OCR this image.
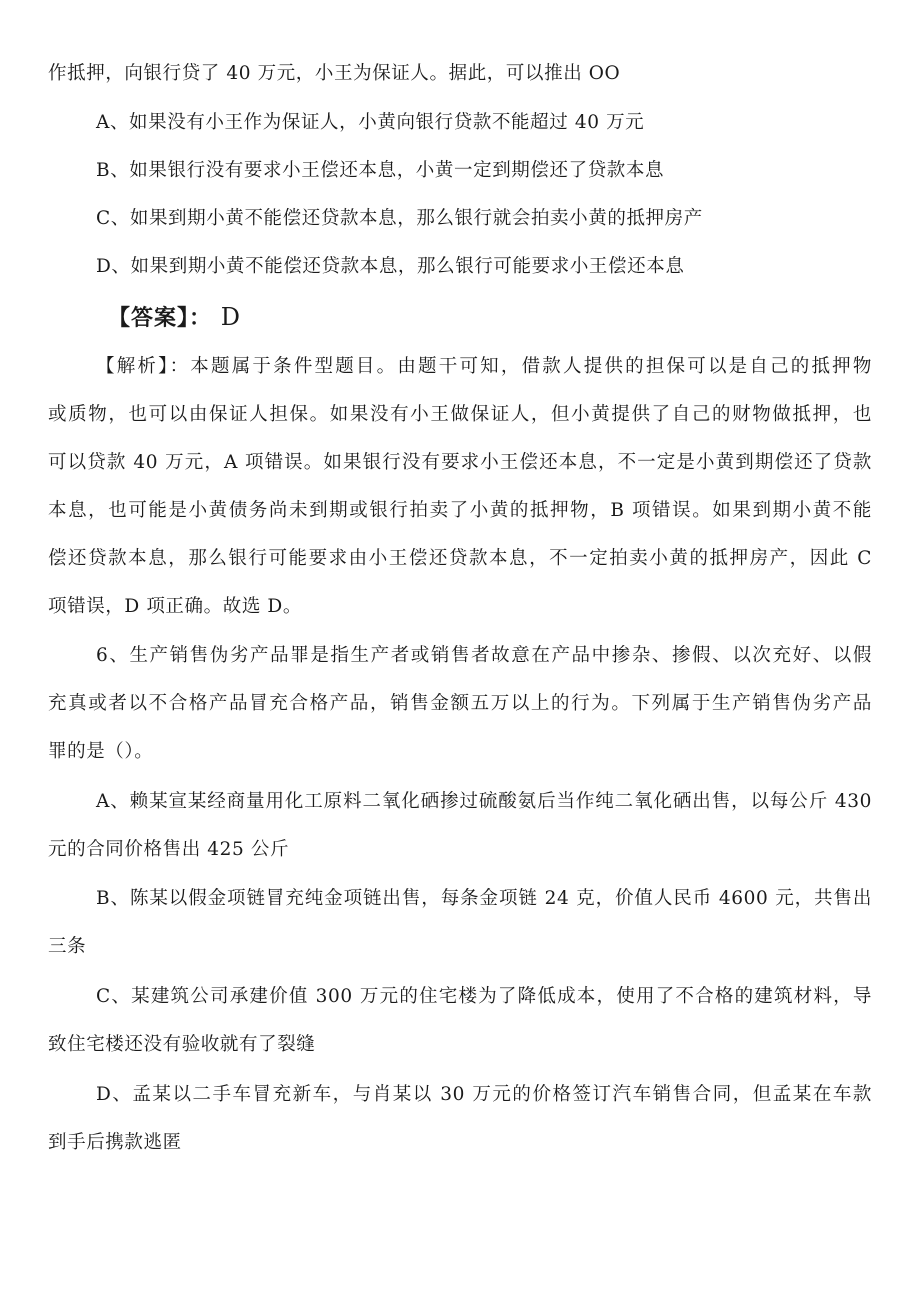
作抵押，向银行贷了 40 万元，小王为保证人。据此，可以推出 OO
A、如果没有小王作为保证人，小黄向银行贷款不能超过 40 万元
B、如果银行没有要求小王偿还本息，小黄一定到期偿还了贷款本息
C、如果到期小黄不能偿还贷款本息，那么银行就会拍卖小黄的抵押房产
D、如果到期小黄不能偿还贷款本息，那么银行可能要求小王偿还本息
【答案】： D
【解析】：本题属于条件型题目。由题干可知，借款人提供的担保可以是自己的抵押物
或质物，也可以由保证人担保。如果没有小王做保证人，但小黄提供了自己的财物做抵押，也
可以贷款 40 万元，A 项错误。如果银行没有要求小王偿还本息，不一定是小黄到期偿还了贷款
本息，也可能是小黄债务尚未到期或银行拍卖了小黄的抵押物，B 项错误。如果到期小黄不能
偿还贷款本息，那么银行可能要求由小王偿还贷款本息，不一定拍卖小黄的抵押房产，因此 C
项错误，D 项正确。故选 D。
6、生产销售伪劣产品罪是指生产者或销售者故意在产品中掺杂、掺假、以次充好、以假
充真或者以不合格产品冒充合格产品，销售金额五万以上的行为。下列属于生产销售伪劣产品
罪的是（）。
A、赖某宣某经商量用化工原料二氧化硒掺过硫酸氨后当作纯二氧化硒出售，以每公斤 430
元的合同价格售出 425 公斤
B、陈某以假金项链冒充纯金项链出售，每条金项链 24 克，价值人民币 4600 元，共售出
三条
C、某建筑公司承建价值 300 万元的住宅楼为了降低成本，使用了不合格的建筑材料，导
致住宅楼还没有验收就有了裂缝
D、孟某以二手车冒充新车，与肖某以 30 万元的价格签订汽车销售合同，但孟某在车款
到手后携款逃匿
